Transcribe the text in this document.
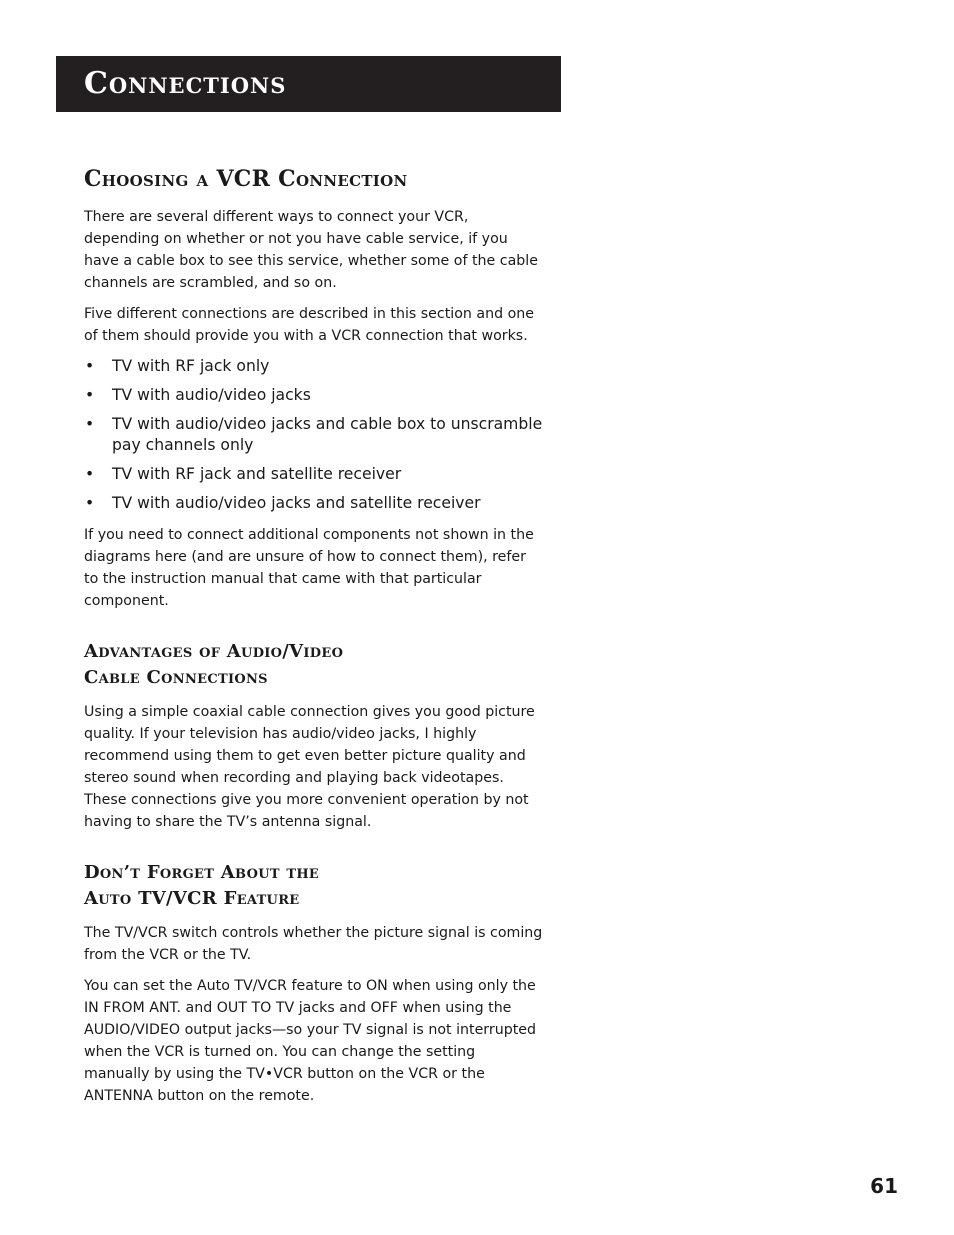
Connections
Choosing a VCR Connection

There are several different ways to connect your VCR, depending on whether or not you have cable service, if you have a cable box to see this service, whether some of the cable channels are scrambled, and so on.

Five different connections are described in this section and one of them should provide you with a VCR connection that works.

• TV with RF jack only
• TV with audio/video jacks
• TV with audio/video jacks and cable box to unscramble pay channels only
• TV with RF jack and satellite receiver
• TV with audio/video jacks and satellite receiver

If you need to connect additional components not shown in the diagrams here (and are unsure of how to connect them), refer to the instruction manual that came with that particular component.

Advantages of Audio/Video
Cable Connections

Using a simple coaxial cable connection gives you good picture quality. If your television has audio/video jacks, I highly recommend using them to get even better picture quality and stereo sound when recording and playing back videotapes. These connections give you more convenient operation by not having to share the TV’s antenna signal.

Don’t Forget About the
Auto TV/VCR Feature

The TV/VCR switch controls whether the picture signal is coming from the VCR or the TV.

You can set the Auto TV/VCR feature to ON when using only the IN FROM ANT. and OUT TO TV jacks and OFF when using the AUDIO/VIDEO output jacks—so your TV signal is not interrupted when the VCR is turned on. You can change the setting manually by using the TV•VCR button on the VCR or the ANTENNA button on the remote.

61
